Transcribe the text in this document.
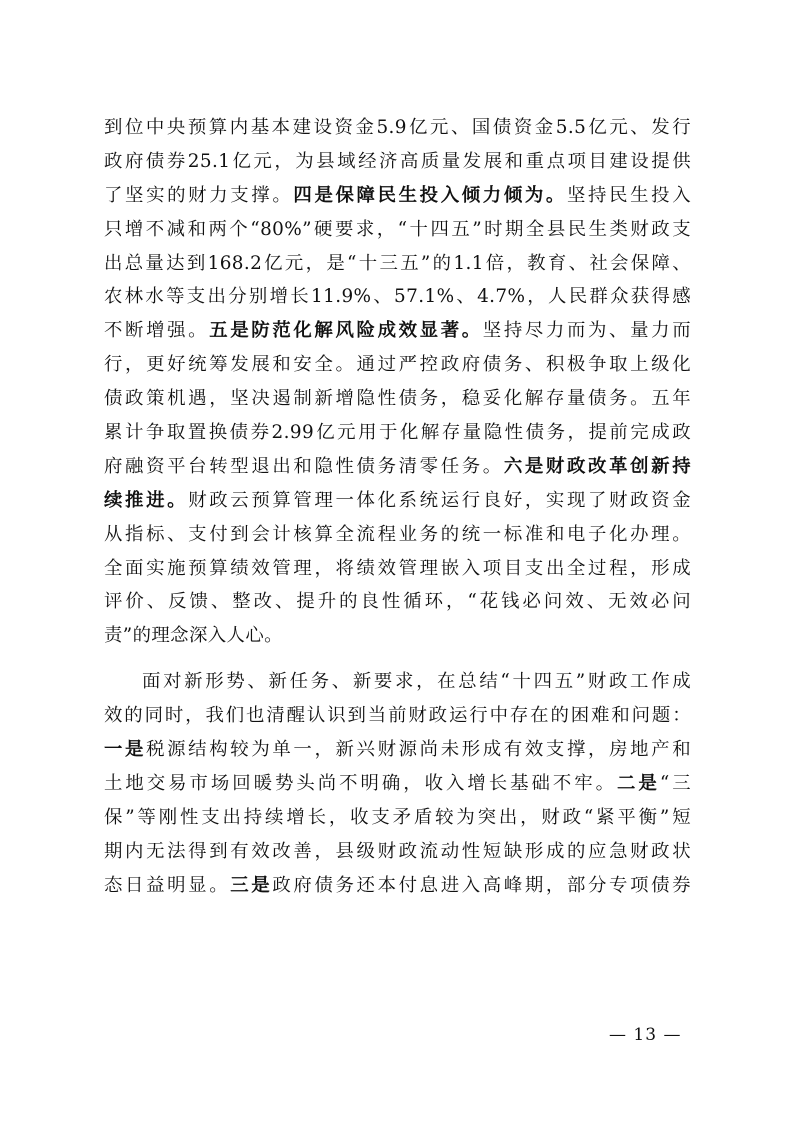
到位中央预算内基本建设资金5.9亿元、国债资金5.5亿元、发行
政府债券25.1亿元，为县域经济高质量发展和重点项目建设提供
了坚实的财力支撑。四是保障民生投入倾力倾为。坚持民生投入
只增不减和两个“80%”硬要求，“十四五”时期全县民生类财政支
出总量达到168.2亿元，是“十三五”的1.1倍，教育、社会保障、
农林水等支出分别增长11.9%、57.1%、4.7%，人民群众获得感
不断增强。五是防范化解风险成效显著。坚持尽力而为、量力而
行，更好统筹发展和安全。通过严控政府债务、积极争取上级化
债政策机遇，坚决遏制新增隐性债务，稳妥化解存量债务。五年
累计争取置换债券2.99亿元用于化解存量隐性债务，提前完成政
府融资平台转型退出和隐性债务清零任务。六是财政改革创新持
续推进。财政云预算管理一体化系统运行良好，实现了财政资金
从指标、支付到会计核算全流程业务的统一标准和电子化办理。
全面实施预算绩效管理，将绩效管理嵌入项目支出全过程，形成
评价、反馈、整改、提升的良性循环，“花钱必问效、无效必问
责”的理念深入人心。
面对新形势、新任务、新要求，在总结“十四五”财政工作成
效的同时，我们也清醒认识到当前财政运行中存在的困难和问题：
一是税源结构较为单一，新兴财源尚未形成有效支撑，房地产和
土地交易市场回暖势头尚不明确，收入增长基础不牢。二是“三
保”等刚性支出持续增长，收支矛盾较为突出，财政“紧平衡”短
期内无法得到有效改善，县级财政流动性短缺形成的应急财政状
态日益明显。三是政府债务还本付息进入高峰期，部分专项债券
— 13 —
